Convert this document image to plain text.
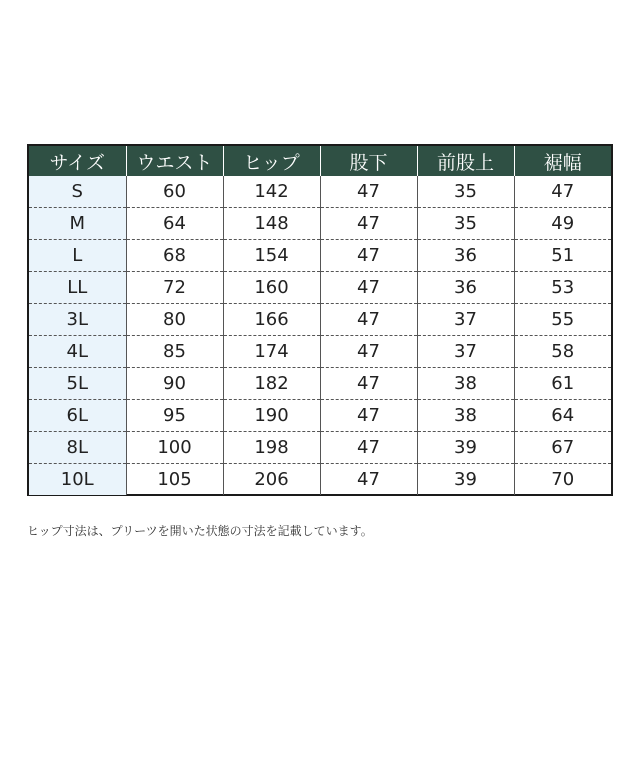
サイズ	ウエスト	ヒップ	股下	前股上	裾幅
S	60	142	47	35	47
M	64	148	47	35	49
L	68	154	47	36	51
LL	72	160	47	36	53
3L	80	166	47	37	55
4L	85	174	47	37	58
5L	90	182	47	38	61
6L	95	190	47	38	64
8L	100	198	47	39	67
10L	105	206	47	39	70
ヒップ寸法は、プリーツを開いた状態の寸法を記載しています。
